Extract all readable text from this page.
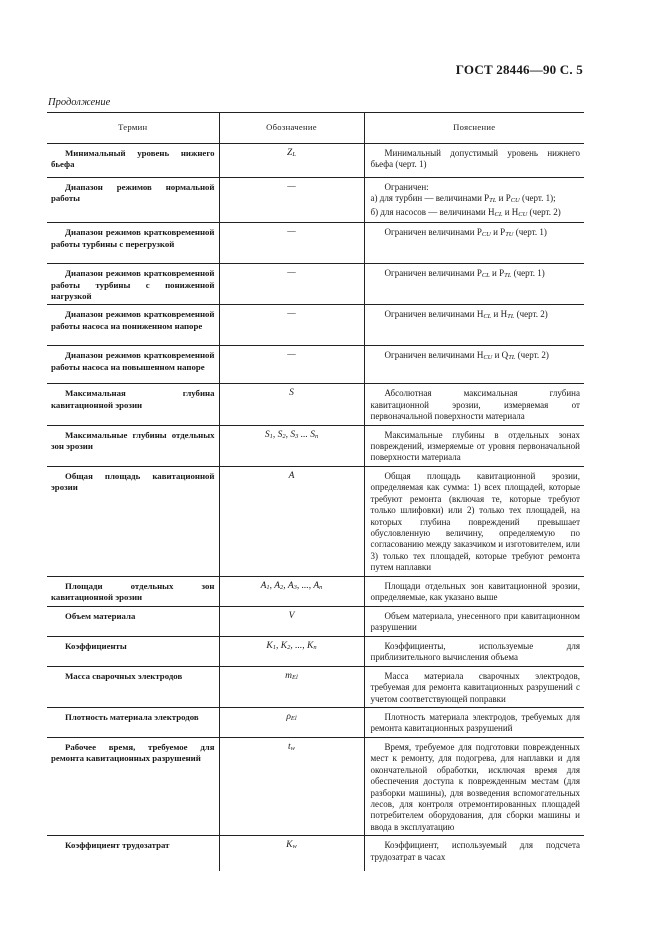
ГОСТ 28446—90 С. 5
Продолжение
Термин	Обозначение	Пояснение
Минимальный уровень нижнего бьефа	ZL	Минимальный допустимый уровень нижнего бьефа (черт. 1)
Диапазон режимов нормальной работы	—	Ограничен:
а) для турбин — величинами PTL и PCU (черт. 1);
б) для насосов — величинами HCL и HCU (черт. 2)

Диапазон режимов кратковременной работы турбины с перегрузкой	—	Ограничен величинами PCU и PTU (черт. 1)
Диапазон режимов кратковременной работы турбины с пониженной нагрузкой	—	Ограничен величинами PCL и PTL (черт. 1)
Диапазон режимов кратковременной работы насоса на пониженном напоре	—	Ограничен величинами HCL и HTL (черт. 2)
Диапазон режимов кратковременной работы насоса на повышенном напоре	—	Ограничен величинами HCU и QTL (черт. 2)
Максимальная глубина кавитационной эрозии	S	Абсолютная максимальная глубина кавитационной эрозии, измеряемая от первоначальной поверхности материала
Максимальные глубины отдельных зон эрозии	S1, S2, S3 ... Sn	Максимальные глубины в отдельных зонах повреждений, измеряемые от уровня первоначальной поверхности материала
Общая площадь кавитационной эрозии	A	Общая площадь кавитационной эрозии, определяемая как сумма: 1) всех площадей, которые требуют ремонта (включая те, которые требуют только шлифовки) или 2) только тех площадей, на которых глубина повреждений превышает обусловленную величину, определяемую по согласованию между заказчиком и изготовителем, или 3) только тех площадей, которые требуют ремонта путем наплавки
Площади отдельных зон кавитационной эрозии	A1, A2, A3, ..., An	Площади отдельных зон кавитационной эрозии, определяемые, как указано выше
Объем материала	V	Объем материала, унесенного при кавитационном разрушении
Коэффициенты	K1, K2, ..., Kn	Коэффициенты, используемые для приблизительного вычисления объема
Масса сварочных электродов	mEl	Масса материала сварочных электродов, требуемая для ремонта кавитационных разрушений с учетом соответствующей поправки
Плотность материала электродов	ρEl	Плотность материала электродов, требуемых для ремонта кавитационных разрушений
Рабочее время, требуемое для ремонта кавитационных разрушений	tw	Время, требуемое для подготовки поврежденных мест к ремонту, для подогрева, для наплавки и для окончательной обработки, исключая время для обеспечения доступа к поврежденным местам (для разборки машины), для возведения вспомогательных лесов, для контроля отремонтированных площадей потребителем оборудования, для сборки машины и ввода в эксплуатацию
Коэффициент трудозатрат	Kw	Коэффициент, используемый для подсчета трудозатрат в часах
